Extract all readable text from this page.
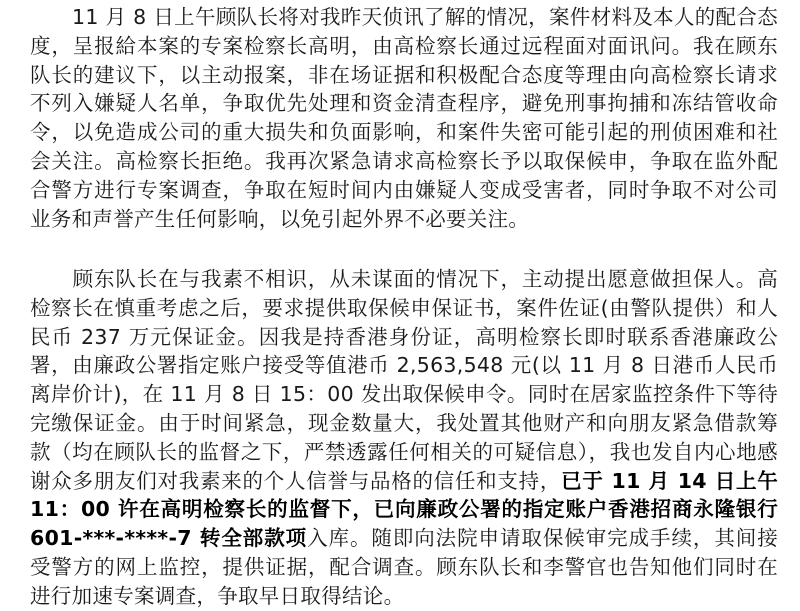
11 月 8 日上午顾队长将对我昨天侦讯了解的情况，案件材料及本人的配合态度，呈报給本案的专案检察长高明，由高检察长通过远程面对面讯问。我在顾东队长的建议下，以主动报案，非在场证据和积极配合态度等理由向高检察长请求不列入嫌疑人名单，争取优先处理和资金清查程序，避免刑事拘捕和冻结管收命令，以免造成公司的重大损失和负面影响，和案件失密可能引起的刑侦困难和社会关注。高检察长拒绝。我再次紧急请求高检察长予以取保候申，争取在监外配合警方进行专案调查，争取在短时间内由嫌疑人变成受害者，同时争取不对公司业务和声誉产生任何影响，以免引起外界不必要关注。

顾东队长在与我素不相识，从未谋面的情况下，主动提出愿意做担保人。高检察长在慎重考虑之后，要求提供取保候申保证书，案件佐证(由警队提供）和人民币 237 万元保证金。因我是持香港身份证，高明检察长即时联系香港廉政公署，由廉政公署指定账户接受等值港币 2,563,548 元(以 11 月 8 日港币人民币离岸价计)，在 11 月 8 日 15：00 发出取保候申令。同时在居家监控条件下等待完缴保证金。由于时间紧急，现金数量大，我处置其他财产和向朋友紧急借款筹款（均在顾队长的监督之下，严禁透露任何相关的可疑信息），我也发自内心地感谢众多朋友们对我素来的个人信誉与品格的信任和支持，已于 11 月 14 日上午 11：00 许在高明检察长的监督下，已向廉政公署的指定账户香港招商永隆银行 601-***-****-7 转全部款项入库。随即向法院申请取保候审完成手续，其间接受警方的网上监控，提供证据，配合调查。顾东队长和李警官也告知他们同时在进行加速专案调查，争取早日取得结论。
